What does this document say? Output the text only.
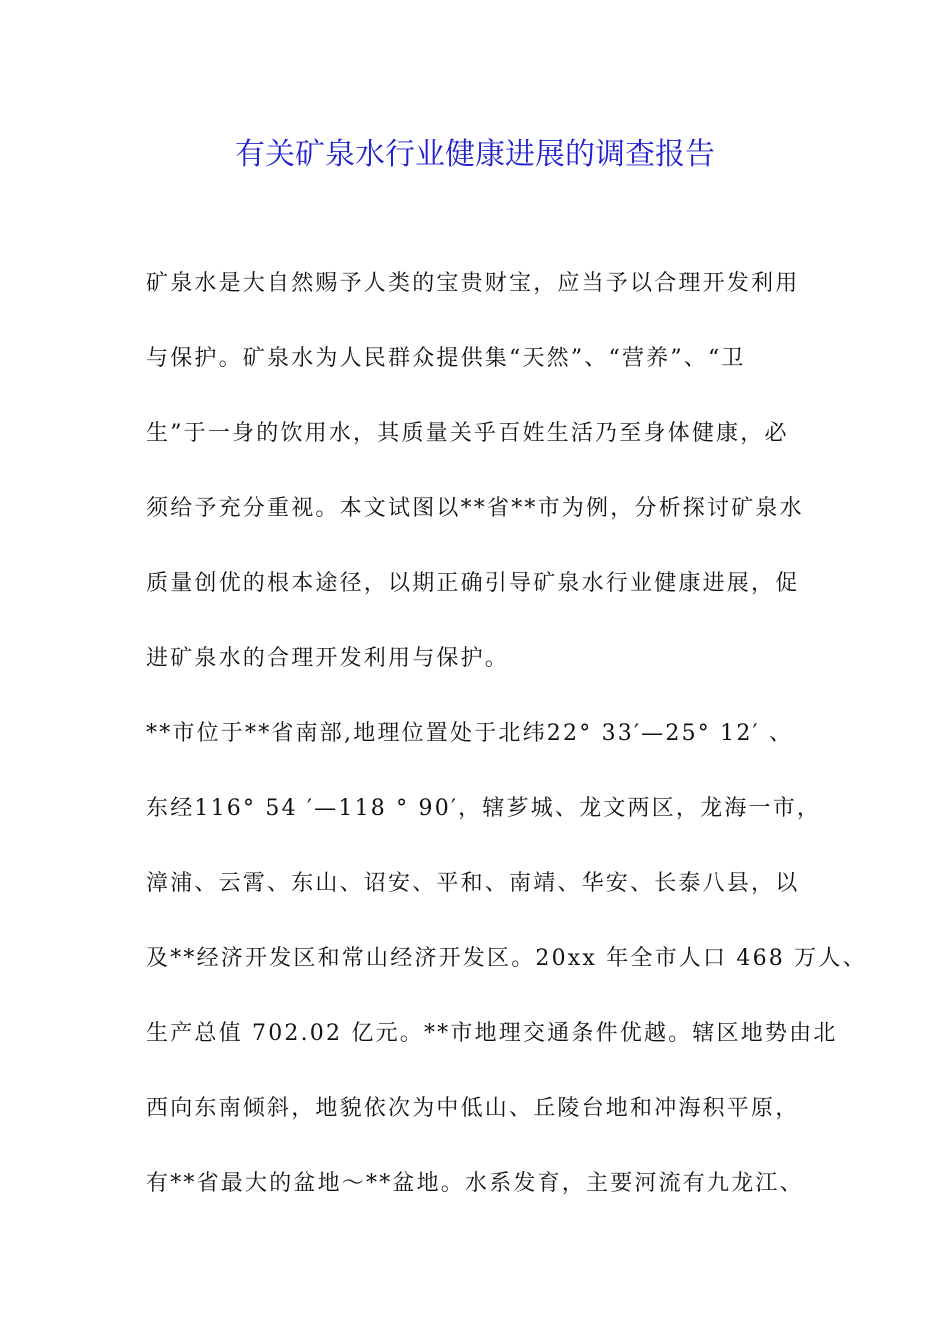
有关矿泉水行业健康进展的调查报告
矿泉水是大自然赐予人类的宝贵财宝，应当予以合理开发利用
与保护。矿泉水为人民群众提供集“天然”、“营养”、“卫
生”于一身的饮用水，其质量关乎百姓生活乃至身体健康，必
须给予充分重视。本文试图以**省**市为例，分析探讨矿泉水
质量创优的根本途径，以期正确引导矿泉水行业健康进展，促
进矿泉水的合理开发利用与保护。
**市位于**省南部,地理位置处于北纬22° 33′—25° 12′ 、
东经116° 54 ′—118 ° 90′，辖芗城、龙文两区，龙海一市，
漳浦、云霄、东山、诏安、平和、南靖、华安、长泰八县，以
及**经济开发区和常山经济开发区。20xx 年全市人口 468 万人、
生产总值 702.02 亿元。**市地理交通条件优越。辖区地势由北
西向东南倾斜，地貌依次为中低山、丘陵台地和冲海积平原，
有**省最大的盆地～**盆地。水系发育，主要河流有九龙江、
